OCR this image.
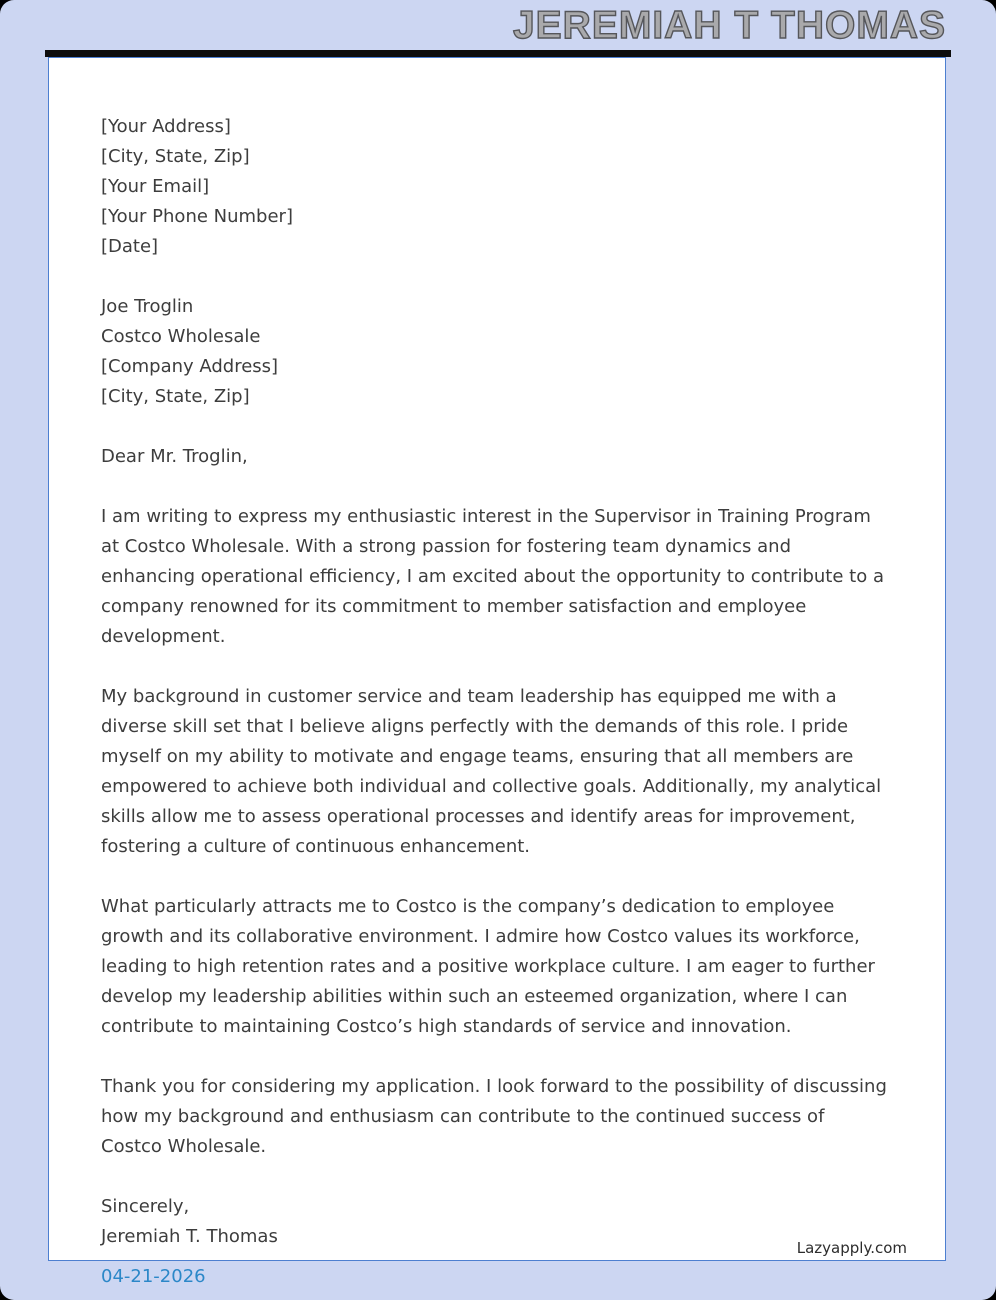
JEREMIAH T THOMAS
[Your Address]
[City, State, Zip]
[Your Email]
[Your Phone Number]
[Date]
Joe Troglin
Costco Wholesale
[Company Address]
[City, State, Zip]

Dear Mr. Troglin,

I am writing to express my enthusiastic interest in the Supervisor in Training Program at Costco Wholesale. With a strong passion for fostering team dynamics and enhancing operational efficiency, I am excited about the opportunity to contribute to a company renowned for its commitment to member satisfaction and employee development.

My background in customer service and team leadership has equipped me with a diverse skill set that I believe aligns perfectly with the demands of this role. I pride myself on my ability to motivate and engage teams, ensuring that all members are empowered to achieve both individual and collective goals. Additionally, my analytical skills allow me to assess operational processes and identify areas for improvement, fostering a culture of continuous enhancement.

What particularly attracts me to Costco is the company’s dedication to employee growth and its collaborative environment. I admire how Costco values its workforce, leading to high retention rates and a positive workplace culture. I am eager to further develop my leadership abilities within such an esteemed organization, where I can contribute to maintaining Costco’s high standards of service and innovation.

Thank you for considering my application. I look forward to the possibility of discussing how my background and enthusiasm can contribute to the continued success of Costco Wholesale.

Sincerely,
Jeremiah T. Thomas
04-21-2026
Lazyapply.com
